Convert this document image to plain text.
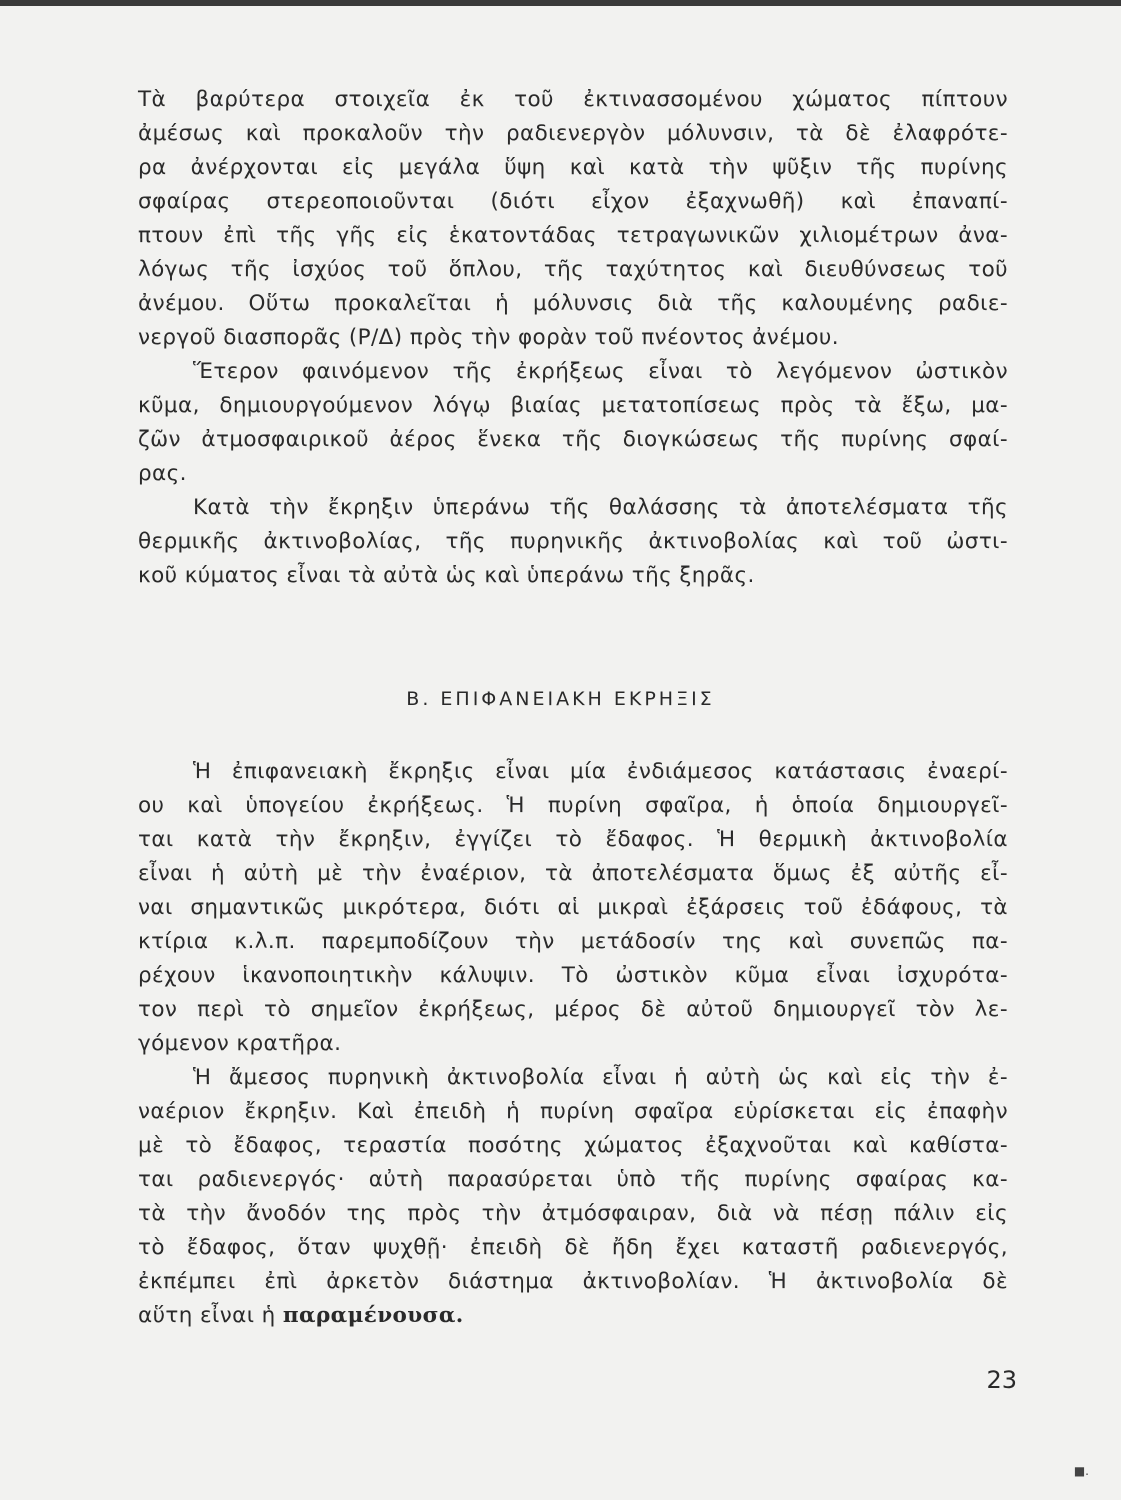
Τὰ βαρύτερα στοιχεῖα ἐκ τοῦ ἐκτινασσομένου χώματος πίπτουν
ἀμέσως καὶ προκαλοῦν τὴν ραδιενεργὸν μόλυνσιν, τὰ δὲ ἐλαφρότε-
ρα ἀνέρχονται εἰς μεγάλα ὕψη καὶ κατὰ τὴν ψῦξιν τῆς πυρίνης
σφαίρας στερεοποιοῦνται (διότι εἶχον ἐξαχνωθῆ) καὶ ἐπαναπί-
πτουν ἐπὶ τῆς γῆς εἰς ἑκατοντάδας τετραγωνικῶν χιλιομέτρων ἀνα-
λόγως τῆς ἰσχύος τοῦ ὅπλου, τῆς ταχύτητος καὶ διευθύνσεως τοῦ
ἀνέμου. Οὕτω προκαλεῖται ἡ μόλυνσις διὰ τῆς καλουμένης ραδιε-
νεργοῦ διασπορᾶς (Ρ/Δ) πρὸς τὴν φορὰν τοῦ πνέοντος ἀνέμου.
Ἕτερον φαινόμενον τῆς ἐκρήξεως εἶναι τὸ λεγόμενον ὠστικὸν
κῦμα, δημιουργούμενον λόγῳ βιαίας μετατοπίσεως πρὸς τὰ ἔξω, μα-
ζῶν ἀτμοσφαιρικοῦ ἀέρος ἕνεκα τῆς διογκώσεως τῆς πυρίνης σφαί-
ρας.
Κατὰ τὴν ἔκρηξιν ὑπεράνω τῆς θαλάσσης τὰ ἀποτελέσματα τῆς
θερμικῆς ἀκτινοβολίας, τῆς πυρηνικῆς ἀκτινοβολίας καὶ τοῦ ὠστι-
κοῦ κύματος εἶναι τὰ αὐτὰ ὡς καὶ ὑπεράνω τῆς ξηρᾶς.
Β. ΕΠΙΦΑΝΕΙΑΚΗ ΕΚΡΗΞΙΣ
Ἡ ἐπιφανειακὴ ἔκρηξις εἶναι μία ἐνδιάμεσος κατάστασις ἐναερί-
ου καὶ ὑπογείου ἐκρήξεως. Ἡ πυρίνη σφαῖρα, ἡ ὁποία δημιουργεῖ-
ται κατὰ τὴν ἔκρηξιν, ἐγγίζει τὸ ἔδαφος. Ἡ θερμικὴ ἀκτινοβολία
εἶναι ἡ αὐτὴ μὲ τὴν ἐναέριον, τὰ ἀποτελέσματα ὅμως ἐξ αὐτῆς εἶ-
ναι σημαντικῶς μικρότερα, διότι αἱ μικραὶ ἐξάρσεις τοῦ ἐδάφους, τὰ
κτίρια κ.λ.π. παρεμποδίζουν τὴν μετάδοσίν της καὶ συνεπῶς πα-
ρέχουν ἱκανοποιητικὴν κάλυψιν. Τὸ ὠστικὸν κῦμα εἶναι ἰσχυρότα-
τον περὶ τὸ σημεῖον ἐκρήξεως, μέρος δὲ αὐτοῦ δημιουργεῖ τὸν λε-
γόμενον κρατῆρα.
Ἡ ἄμεσος πυρηνικὴ ἀκτινοβολία εἶναι ἡ αὐτὴ ὡς καὶ εἰς τὴν ἐ-
ναέριον ἔκρηξιν. Καὶ ἐπειδὴ ἡ πυρίνη σφαῖρα εὑρίσκεται εἰς ἐπαφὴν
μὲ τὸ ἔδαφος, τεραστία ποσότης χώματος ἐξαχνοῦται καὶ καθίστα-
ται ραδιενεργός· αὐτὴ παρασύρεται ὑπὸ τῆς πυρίνης σφαίρας κα-
τὰ τὴν ἄνοδόν της πρὸς τὴν ἀτμόσφαιραν, διὰ νὰ πέσῃ πάλιν εἰς
τὸ ἔδαφος, ὅταν ψυχθῇ· ἐπειδὴ δὲ ἤδη ἔχει καταστῆ ραδιενεργός,
ἐκπέμπει ἐπὶ ἀρκετὸν διάστημα ἀκτινοβολίαν. Ἡ ἀκτινοβολία δὲ
αὕτη εἶναι ἡ παραμένουσα.
23
■.
